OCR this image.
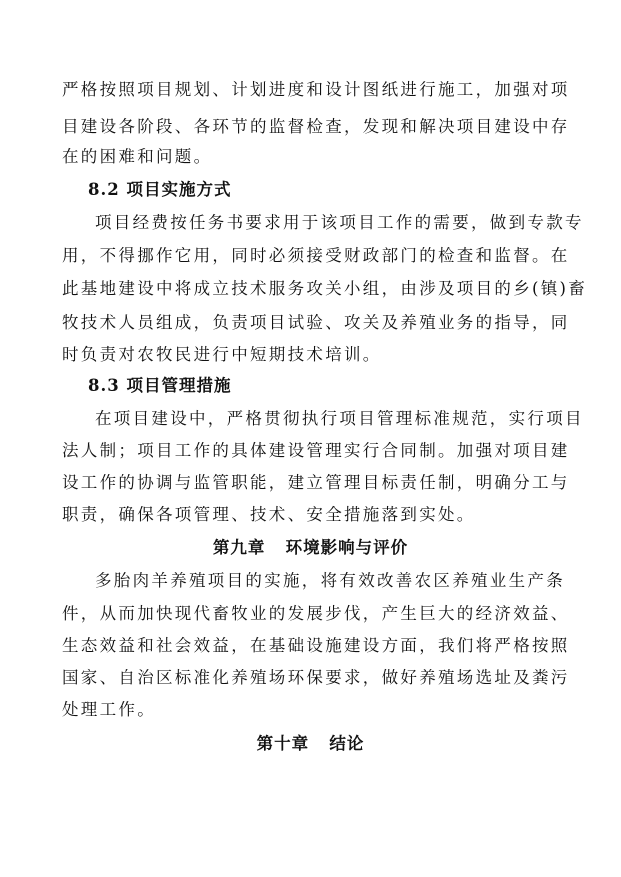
严格按照项目规划、计划进度和设计图纸进行施工，加强对项
目建设各阶段、各环节的监督检查，发现和解决项目建设中存
在的困难和问题。
8.2 项目实施方式
项目经费按任务书要求用于该项目工作的需要，做到专款专
用，不得挪作它用，同时必须接受财政部门的检查和监督。在
此基地建设中将成立技术服务攻关小组，由涉及项目的乡(镇)畜
牧技术人员组成，负责项目试验、攻关及养殖业务的指导，同
时负责对农牧民进行中短期技术培训。
8.3 项目管理措施
在项目建设中，严格贯彻执行项目管理标准规范，实行项目
法人制；项目工作的具体建设管理实行合同制。加强对项目建
设工作的协调与监管职能，建立管理目标责任制，明确分工与
职责，确保各项管理、技术、安全措施落到实处。
第九章   环境影响与评价
多胎肉羊养殖项目的实施，将有效改善农区养殖业生产条
件，从而加快现代畜牧业的发展步伐，产生巨大的经济效益、
生态效益和社会效益，在基础设施建设方面，我们将严格按照
国家、自治区标准化养殖场环保要求，做好养殖场选址及粪污
处理工作。
第十章   结论
